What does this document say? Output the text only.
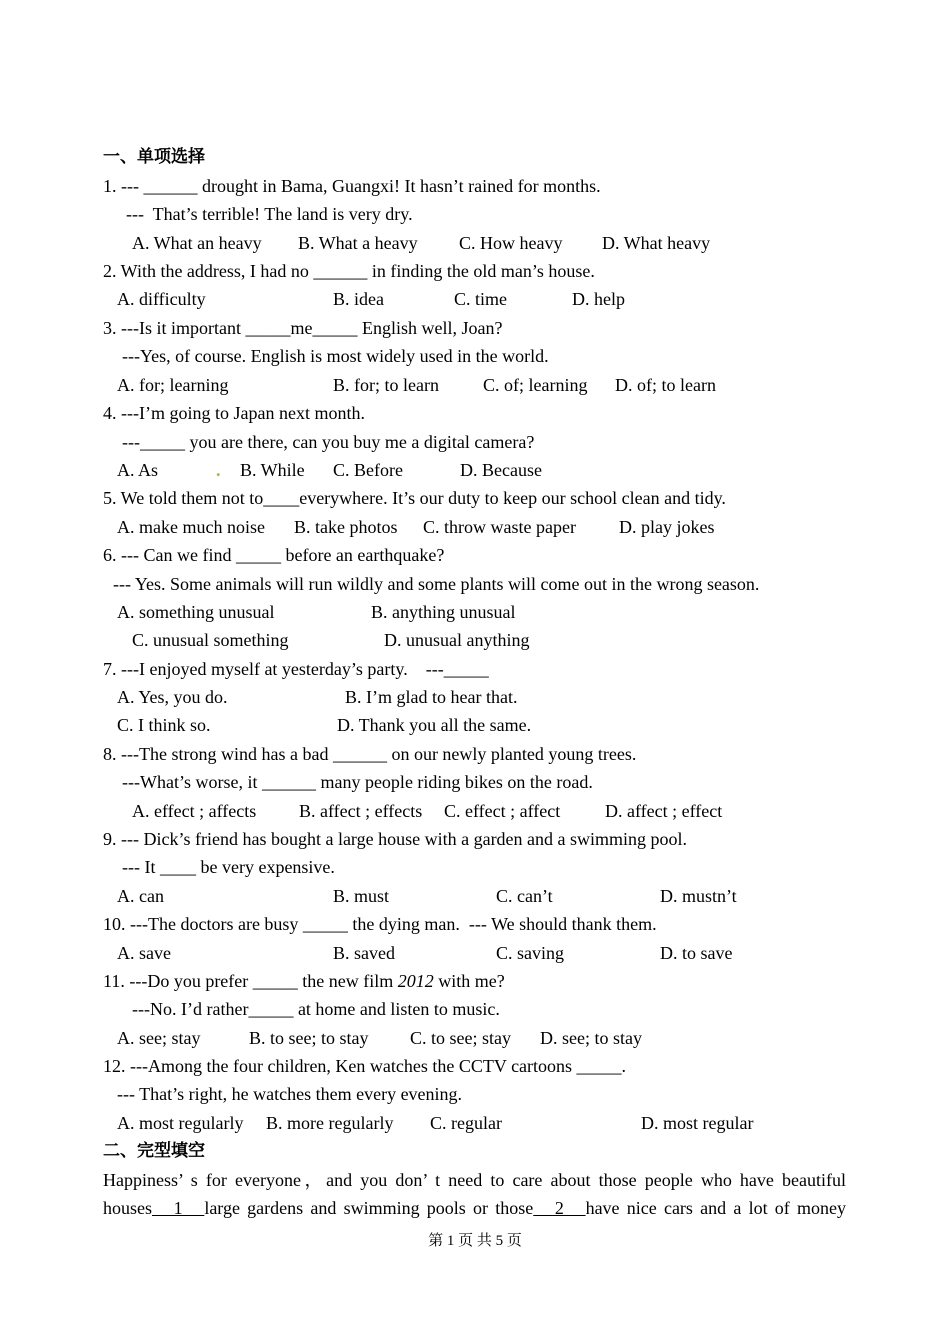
一、单项选择
1. --- ______ drought in Bama, Guangxi! It hasn’t rained for months.
---  That’s terrible! The land is very dry.
A. What an heavy B. What a heavy C. How heavy D. What heavy
2. With the address, I had no ______ in finding the old man’s house.
A. difficulty	B. idea	C. time	D. help
3. ---Is it important _____me_____ English well, Joan?
---Yes, of course. English is most widely used in the world.
A. for; learning	B. for; to learn C. of; learning D. of; to learn
4. ---I’m going to Japan next month.
---_____ you are there, can you buy me a digital camera?
A. As	. B. While C. Before	D. Because
5. We told them not to____everywhere. It’s our duty to keep our school clean and tidy.
A. make much noise B. take photos C. throw waste paper D. play jokes
6. --- Can we find _____ before an earthquake?
--- Yes. Some animals will run wildly and some plants will come out in the wrong season.
A. something unusual	B. anything unusual
C. unusual something	D. unusual anything
7. ---I enjoyed myself at yesterday’s party.    ---_____
A. Yes, you do.	B. I’m glad to hear that.
C. I think so.	D. Thank you all the same.
8. ---The strong wind has a bad ______ on our newly planted young trees.
---What’s worse, it ______ many people riding bikes on the road.
A. effect ; affects B. affect ; effects C. effect ; affect D. affect ; effect
9. --- Dick’s friend has bought a large house with a garden and a swimming pool.
--- It ____ be very expensive.
A. can	B. must	C. can’t	D. mustn’t
10. ---The doctors are busy _____ the dying man.  --- We should thank them.
A. save	B. saved	C. saving	D. to save
11. ---Do you prefer _____ the new film 2012 with me?
---No. I’d rather_____ at home and listen to music.
A. see; stay	B. to see; to stay C. to see; stay D. see; to stay
12. ---Among the four children, Ken watches the CCTV cartoons _____.
--- That’s right, he watches them every evening.
A. most regularly B. more regularly C. regular	D. most regular
二、完型填空
Happiness’ s for everyone，and you don’ t need to care about those people who have beautiful
houses   1   large gardens and swimming pools or those   2   have nice cars and a lot of money
第 1 页 共 5 页
